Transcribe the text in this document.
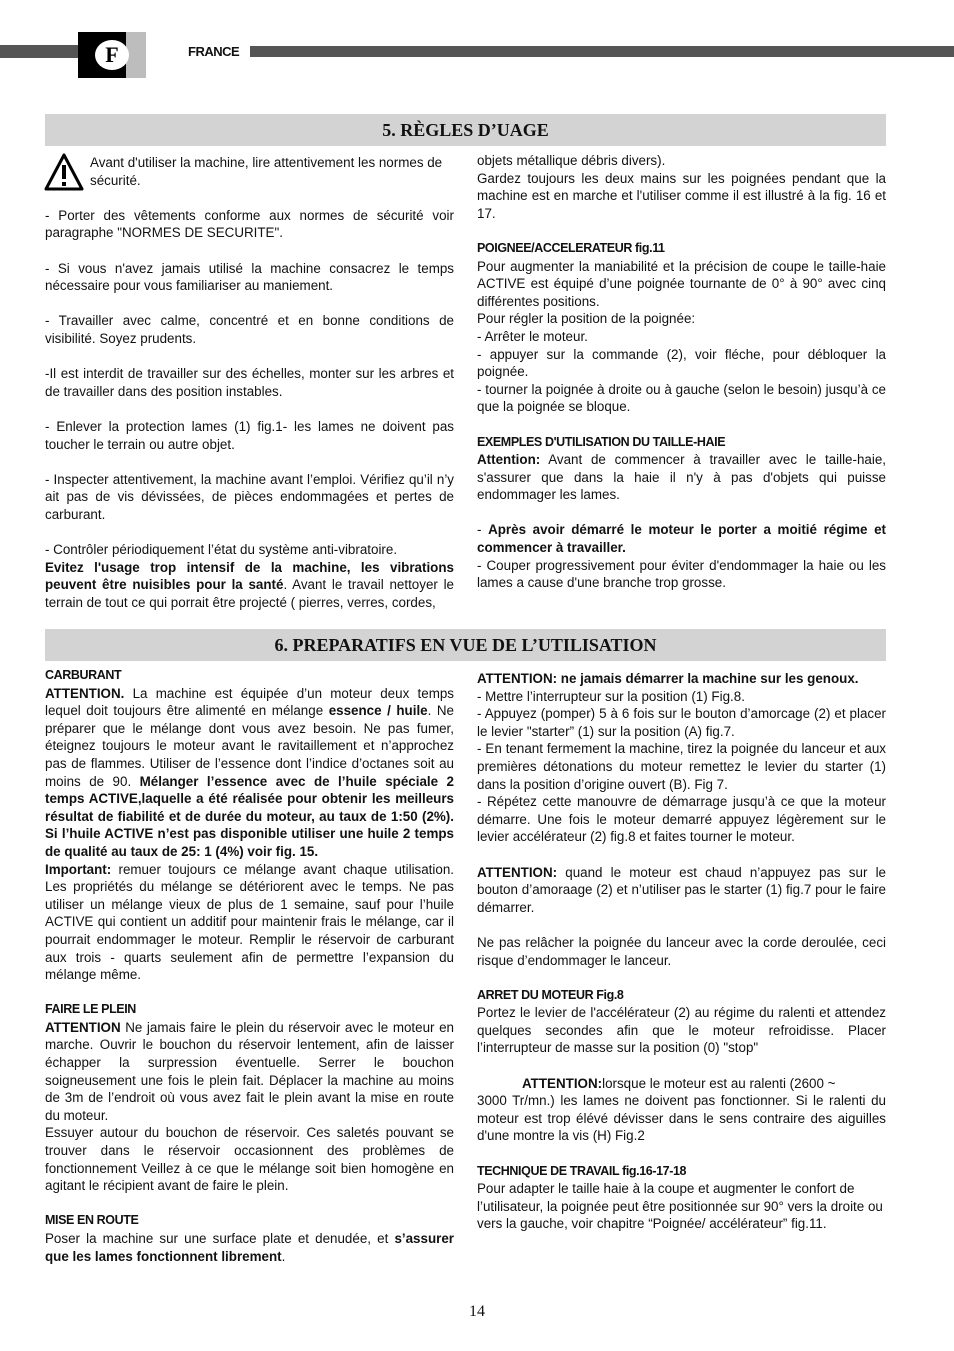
F	FRANCE
5. RÈGLES D’UAGE

Avant d'utiliser la machine, lire attentivement les normes de sécurité.

- Porter des vêtements conforme aux normes de sécurité voir paragraphe "NORMES DE SECURITE".

- Si vous n'avez jamais utilisé la machine consacrez le temps nécessaire pour vous familiariser au maniement.

- Travailler avec calme, concentré et en bonne conditions de visibilité. Soyez prudents.

-Il est interdit de travailler sur des échelles, monter sur les arbres et de travailler dans des position instables.

- Enlever la protection lames (1) fig.1- les lames ne doivent pas toucher le terrain ou autre objet.

- Inspecter attentivement, la machine avant l’emploi. Vérifiez qu’il n’y ait pas de vis dévissées, de pièces endommagées et pertes de carburant.

- Contrôler périodiquement l’état du système anti-vibratoire.

Evitez l'usage trop intensif de la machine, les vibrations peuvent être nuisibles pour la santé. Avant le travail nettoyer le terrain de tout ce qui porrait être projecté ( pierres, verres, cordes,

objets métallique débris divers).

Gardez toujours les deux mains sur les poignées pendant que la machine est en marche et l'utiliser comme il est illustré à la fig. 16 et 17.

POIGNEE/ACCELERATEUR fig.11

Pour augmenter la maniabilité et la précision de coupe le taille-haie ACTIVE est équipé d’une poignée tournante de 0° à 90° avec cinq différentes positions.

Pour régler la position de la poignée:

- Arrêter le moteur.

- appuyer sur la commande (2), voir fléche, pour débloquer la poignée.

- tourner la poignée à droite ou à gauche (selon le besoin) jusqu’à ce que la poignée se bloque.

EXEMPLES D'UTILISATION DU TAILLE-HAIE

Attention: Avant de commencer à travailler avec le taille-haie, s'assurer que dans la haie il n'y à pas d'objets qui puisse endommager les lames.

- Après avoir démarré le moteur le porter a moitié régime et commencer à travailler.

- Couper progressivement pour éviter d'endommager la haie ou les lames a cause d'une branche trop grosse.

6. PREPARATIFS EN VUE DE L’UTILISATION

CARBURANT

ATTENTION. La machine est équipée d’un moteur deux temps lequel doit toujours être alimenté en mélange essence / huile. Ne préparer que le mélange dont vous avez besoin. Ne pas fumer, éteignez toujours le moteur avant le ravitaillement et n’approchez pas de flammes. Utiliser de l’essence dont l’indice d’octanes soit au moins de 90. Mélanger l’essence avec de l’huile spéciale 2 temps ACTIVE,laquelle a été réalisée pour obtenir les meilleurs résultat de fiabilité et de durée du moteur, au taux de 1:50 (2%). Si l’huile ACTIVE n’est pas disponible utiliser une huile 2 temps de qualité au taux de 25: 1 (4%) voir fig. 15.

Important: remuer toujours ce mélange avant chaque utilisation. Les propriétés du mélange se détériorent avec le temps. Ne pas utiliser un mélange vieux de plus de 1 semaine, sauf pour l’huile ACTIVE qui contient un additif pour maintenir frais le mélange, car il pourrait endommager le moteur. Remplir le réservoir de carburant aux trois - quarts seulement afin de permettre l’expansion du mélange même.

FAIRE LE PLEIN

ATTENTION Ne jamais faire le plein du réservoir avec le moteur en marche. Ouvrir le bouchon du réservoir lentement, afin de laisser échapper la surpression éventuelle. Serrer le bouchon soigneusement une fois le plein fait. Déplacer la machine au moins de 3m de l’endroit où vous avez fait le plein avant la mise en route du moteur.

Essuyer autour du bouchon de réservoir. Ces saletés pouvant se trouver dans le réservoir occasionnent des problèmes de fonctionnement Veillez à ce que le mélange soit bien homogène en agitant le récipient avant de faire le plein.

MISE EN ROUTE

Poser la machine sur une surface plate et denudée, et s’assurer que les lames fonctionnent librement.

ATTENTION: ne jamais démarrer la machine sur les genoux.

- Mettre l’interrupteur sur la position (1) Fig.8.

- Appuyez (pomper) 5 à 6 fois sur le bouton d’amorcage (2) et placer le levier "starter” (1) sur la position (A) fig.7.

- En tenant fermement la machine, tirez la poignée du lanceur et aux premières détonations du moteur remettez le levier du starter (1) dans la position d’origine ouvert (B). Fig 7.

- Répétez cette manouvre de démarrage jusqu’à ce que la moteur démarre. Une fois le moteur demarré appuyez légèrement sur le levier accélérateur (2) fig.8 et faites tourner le moteur.

ATTENTION: quand le moteur est chaud n’appuyez pas sur le bouton d’amoraage (2) et n’utiliser pas le starter (1) fig.7 pour le faire démarrer.

Ne pas relâcher la poignée du lanceur avec la corde deroulée, ceci risque d’endommager le lanceur.

ARRET DU MOTEUR Fig.8

Portez le levier de l'accélérateur (2) au régime du ralenti et attendez quelques secondes afin que le moteur refroidisse. Placer l’interrupteur de masse sur la position (0) "stop"

ATTENTION:lorsque le moteur est au ralenti (2600 ~

3000 Tr/mn.) les lames ne doivent pas fonctionner. Si le ralenti du moteur est trop élévé dévisser dans le sens contraire des aiguilles d'une montre la vis (H) Fig.2

TECHNIQUE DE TRAVAIL fig.16-17-18

Pour adapter le taille haie à la coupe et augmenter le confort de l’utilisateur, la poignée peut être positionnée sur 90° vers la droite ou vers la gauche, voir chapitre “Poignée/ accélérateur” fig.11.

14
